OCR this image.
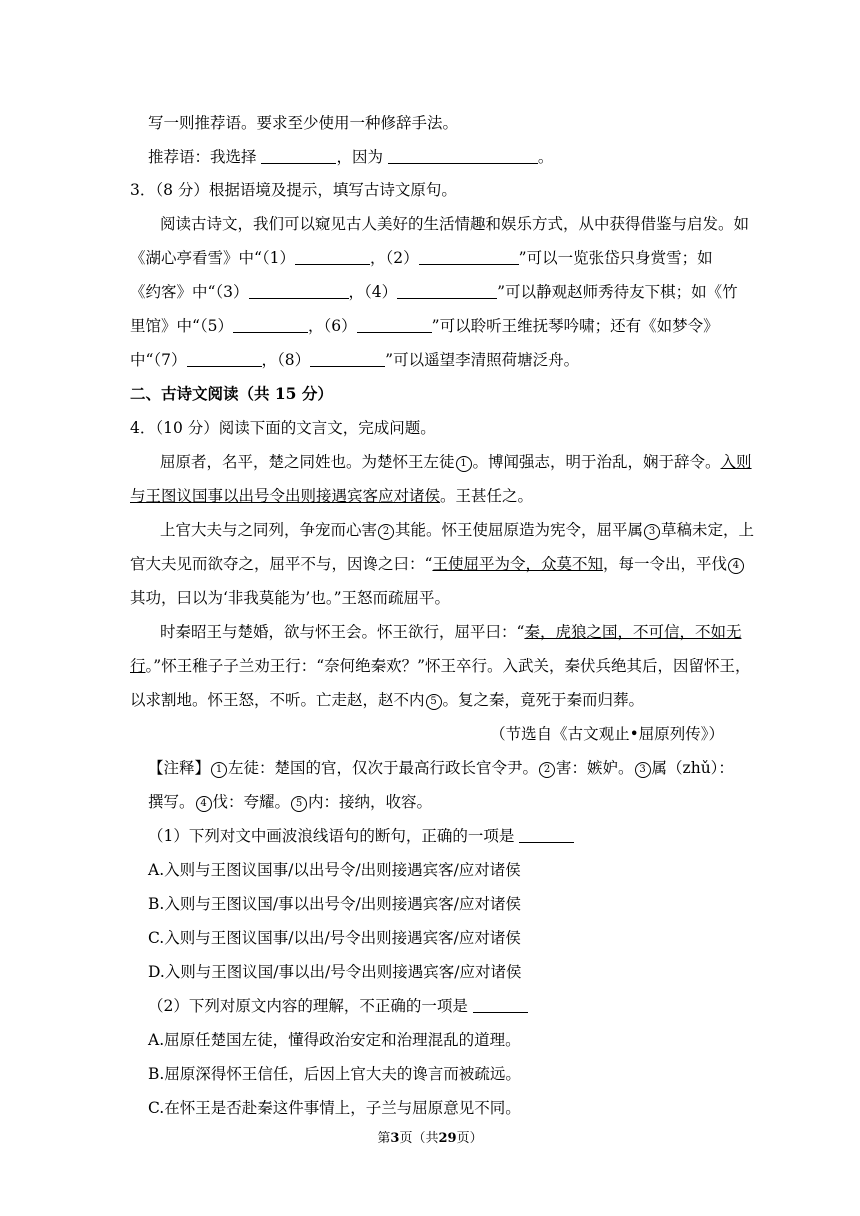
写一则推荐语。要求至少使用一种修辞手法。
推荐语：我选择	，因为	。
3．（8 分）根据语境及提示，填写古诗文原句。
阅读古诗文，我们可以窥见古人美好的生活情趣和娱乐方式，从中获得借鉴与启发。如
《湖心亭看雪》中“（1）	，（2）	”可以一览张岱只身赏雪；如
《约客》中“（3）	，（4）	”可以静观赵师秀待友下棋；如《竹
里馆》中“（5）	，（6）	”可以聆听王维抚琴吟啸；还有《如梦令》
中“（7）	，（8）	”可以遥望李清照荷塘泛舟。
二、古诗文阅读（共 15 分）
4．（10 分）阅读下面的文言文，完成问题。
屈原者，名平，楚之同姓也。为楚怀王左徒 1 。博闻强志，明于治乱，娴于辞令。入则
与王图议国事以出号令出则接遇宾客应对诸侯。王甚任之。
上官大夫与之同列，争宠而心害 2 其能。怀王使屈原造为宪令，屈平属 3 草稿未定，上
官大夫见而欲夺之，屈平不与，因谗之曰：“王使屈平为令，众莫不知，每一令出，平伐 4
其功，曰以为‘非我莫能为’也。”王怒而疏屈平。
时秦昭王与楚婚，欲与怀王会。怀王欲行，屈平曰：“秦，虎狼之国，不可信，不如无
行。”怀王稚子子兰劝王行：“奈何绝秦欢？”怀王卒行。入武关，秦伏兵绝其后，因留怀王，
以求割地。怀王怒，不听。亡走赵，赵不内 5 。复之秦，竟死于秦而归葬。
（节选自《古文观止•屈原列传》）
【注释】 1 左徒：楚国的官，仅次于最高行政长官令尹。 2 害：嫉妒。 3 属（zhǔ）：
撰写。 4 伐：夸耀。 5 内：接纳，收容。
（1）下列对文中画波浪线语句的断句，正确的一项是
A.入则与王图议国事/以出号令/出则接遇宾客/应对诸侯
B.入则与王图议国/事以出号令/出则接遇宾客/应对诸侯
C.入则与王图议国事/以出/号令出则接遇宾客/应对诸侯
D.入则与王图议国/事以出/号令出则接遇宾客/应对诸侯
（2）下列对原文内容的理解，不正确的一项是
A.屈原任楚国左徒，懂得政治安定和治理混乱的道理。
B.屈原深得怀王信任，后因上官大夫的谗言而被疏远。
C.在怀王是否赴秦这件事情上，子兰与屈原意见不同。
第3页（共29页）
